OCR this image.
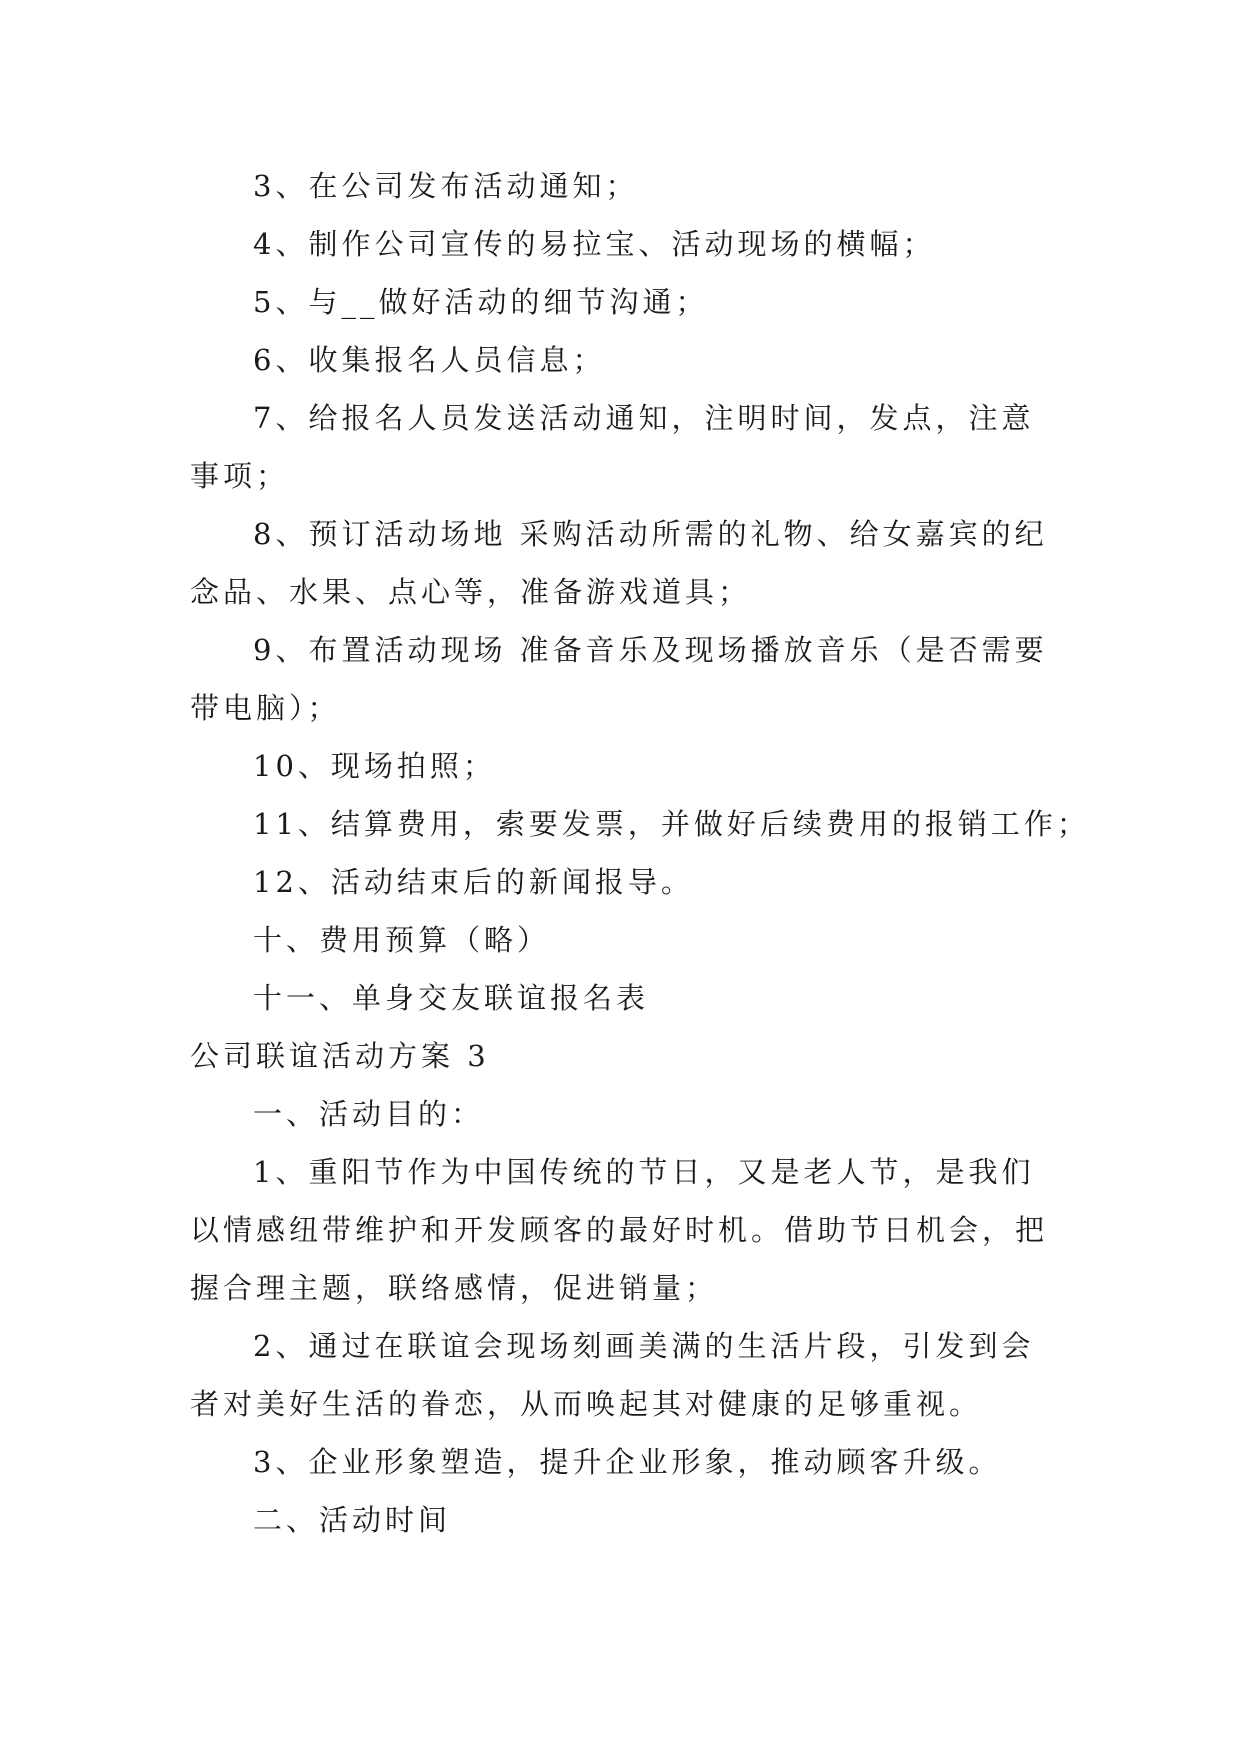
3、在公司发布活动通知；
4、制作公司宣传的易拉宝、活动现场的横幅；
5、与__做好活动的细节沟通；
6、收集报名人员信息；
7、给报名人员发送活动通知，注明时间，发点，注意
事项；
8、预订活动场地 采购活动所需的礼物、给女嘉宾的纪
念品、水果、点心等，准备游戏道具；
9、布置活动现场 准备音乐及现场播放音乐（是否需要
带电脑）；
10、现场拍照；
11、结算费用，索要发票，并做好后续费用的报销工作；
12、活动结束后的新闻报导。
十、费用预算（略）
十一、单身交友联谊报名表
公司联谊活动方案 3
一、活动目的：
1、重阳节作为中国传统的节日，又是老人节，是我们
以情感纽带维护和开发顾客的最好时机。借助节日机会，把
握合理主题，联络感情，促进销量；
2、通过在联谊会现场刻画美满的生活片段，引发到会
者对美好生活的眷恋，从而唤起其对健康的足够重视。
3、企业形象塑造，提升企业形象，推动顾客升级。
二、活动时间
